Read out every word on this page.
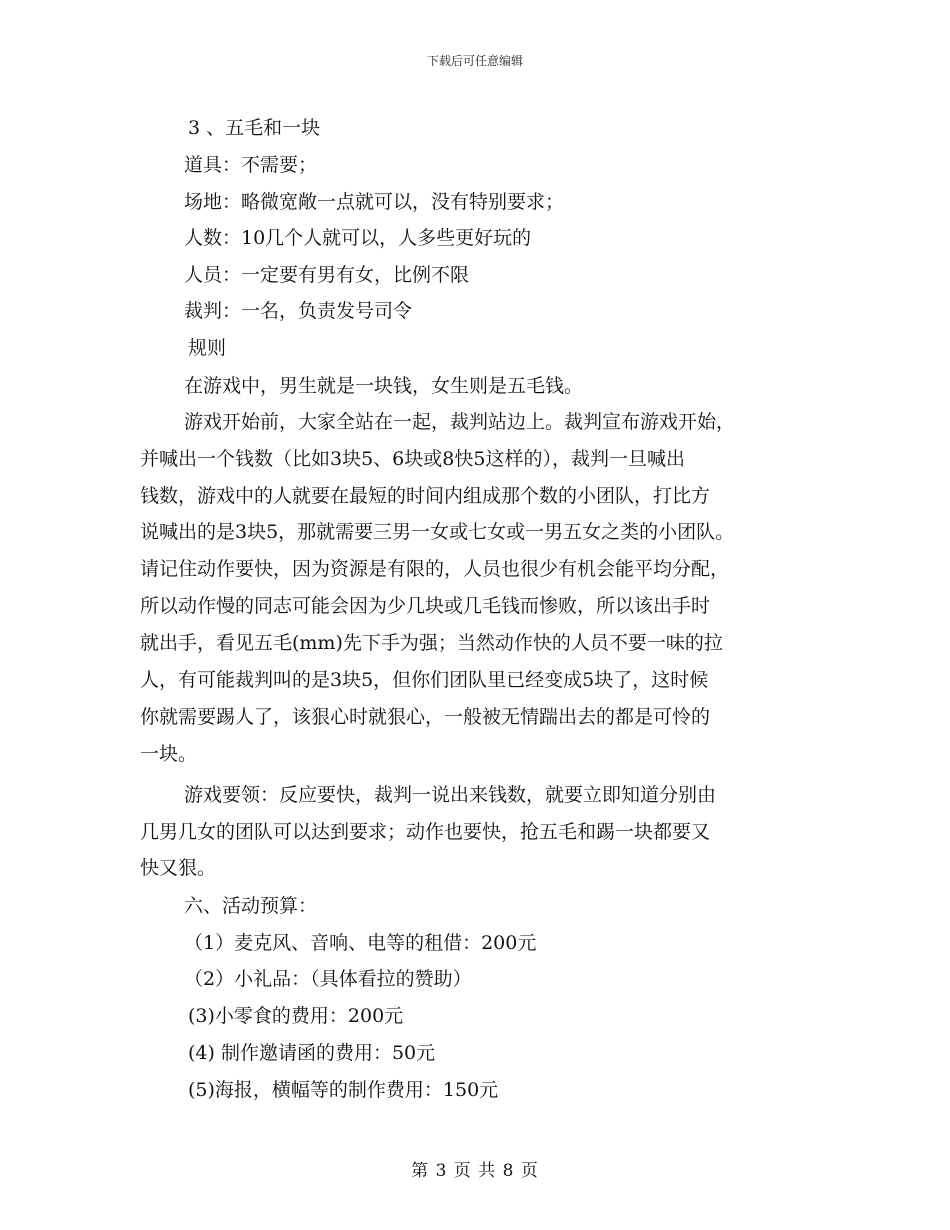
下载后可任意编辑
3 、五毛和一块
道具：不需要；
场地：略微宽敞一点就可以，没有特别要求；
人数：10几个人就可以，人多些更好玩的
人员：一定要有男有女，比例不限
裁判：一名，负责发号司令
规则
在游戏中，男生就是一块钱，女生则是五毛钱。
游戏开始前，大家全站在一起，裁判站边上。裁判宣布游戏开始，
并喊出一个钱数（比如3块5、6块或8快5这样的），裁判一旦喊出
钱数，游戏中的人就要在最短的时间内组成那个数的小团队，打比方
说喊出的是3块5，那就需要三男一女或七女或一男五女之类的小团队。
请记住动作要快，因为资源是有限的，人员也很少有机会能平均分配，
所以动作慢的同志可能会因为少几块或几毛钱而惨败，所以该出手时
就出手，看见五毛(mm)先下手为强；当然动作快的人员不要一味的拉
人，有可能裁判叫的是3块5，但你们团队里已经变成5块了，这时候
你就需要踢人了，该狠心时就狠心，一般被无情踹出去的都是可怜的
一块。
游戏要领：反应要快，裁判一说出来钱数，就要立即知道分别由
几男几女的团队可以达到要求；动作也要快，抢五毛和踢一块都要又
快又狠。
六、活动预算：
（1）麦克风、音响、电等的租借：200元
（2）小礼品：（具体看拉的赞助）
(3)小零食的费用：200元
(4) 制作邀请函的费用：50元
(5)海报，横幅等的制作费用：150元
第 3 页 共 8 页
